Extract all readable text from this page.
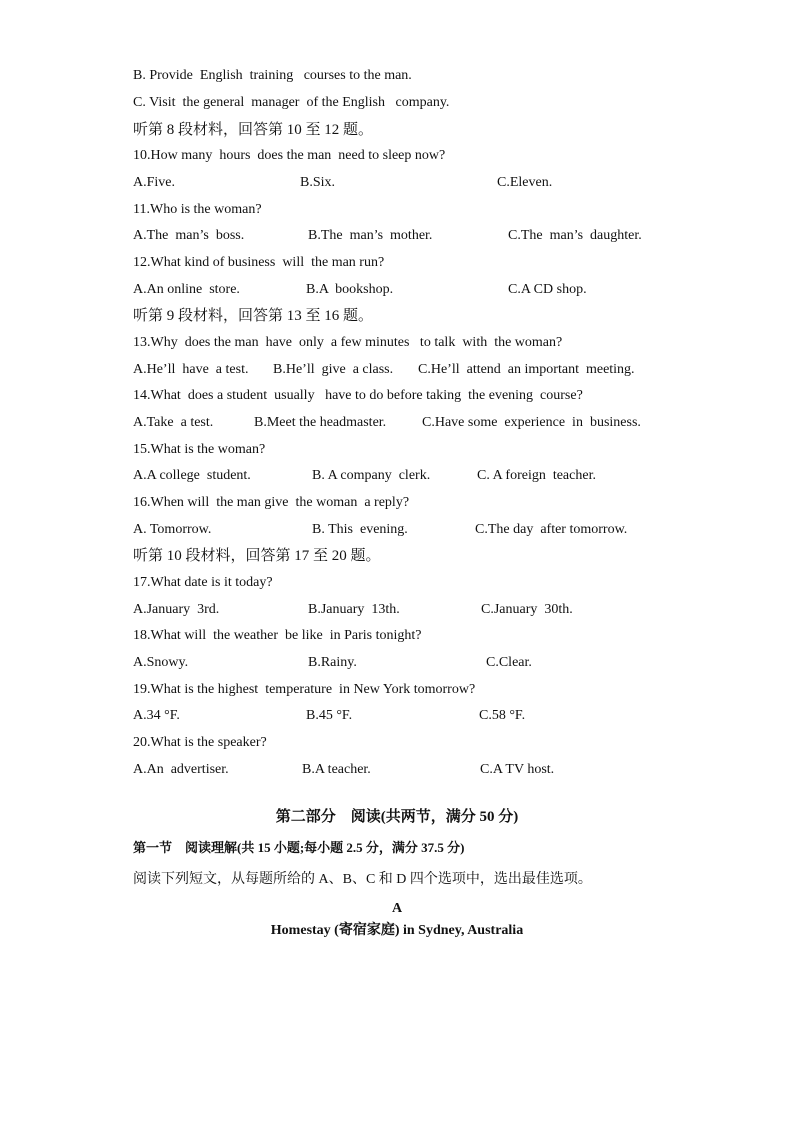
B. Provide  English  training   courses to the man.
C. Visit  the general  manager  of the English   company.
听第 8 段材料，回答第 10 至 12 题。
10.How many  hours  does the man  need to sleep now?
A.Five.	B.Six.	C.Eleven.
11.Who is the woman?
A.The  man’s  boss.	B.The  man’s  mother.	C.The  man’s  daughter.
12.What kind of business  will  the man run?
A.An online  store.	B.A  bookshop.	C.A CD shop.
听第 9 段材料，回答第 13 至 16 题。
13.Why  does the man  have  only  a few minutes   to talk  with  the woman?
A.He’ll  have  a test. B.He’ll  give  a class. C.He’ll  attend  an important  meeting.
14.What  does a student  usually   have to do before taking  the evening  course?
A.Take  a test.	B.Meet the headmaster.	C.Have some  experience  in  business.
15.What is the woman?
A.A college  student.	B. A company  clerk.	C. A foreign  teacher.
16.When will  the man give  the woman  a reply?
A. Tomorrow.	B. This  evening.	C.The day  after tomorrow.
听第 10 段材料，回答第 17 至 20 题。
17.What date is it today?
A.January  3rd.	B.January  13th.	C.January  30th.
18.What will  the weather  be like  in Paris tonight?
A.Snowy.	B.Rainy.	C.Clear.
19.What is the highest  temperature  in New York tomorrow?
A.34 °F.	B.45 °F.	C.58 °F.
20.What is the speaker?
A.An  advertiser.	B.A teacher.	C.A TV host.
第二部分    阅读(共两节，满分 50 分)
第一节    阅读理解(共 15 小题;每小题 2.5 分，满分 37.5 分)
阅读下列短文，从每题所给的 A、B、C 和 D 四个选项中，选出最佳选项。
A
Homestay (寄宿家庭) in Sydney, Australia
